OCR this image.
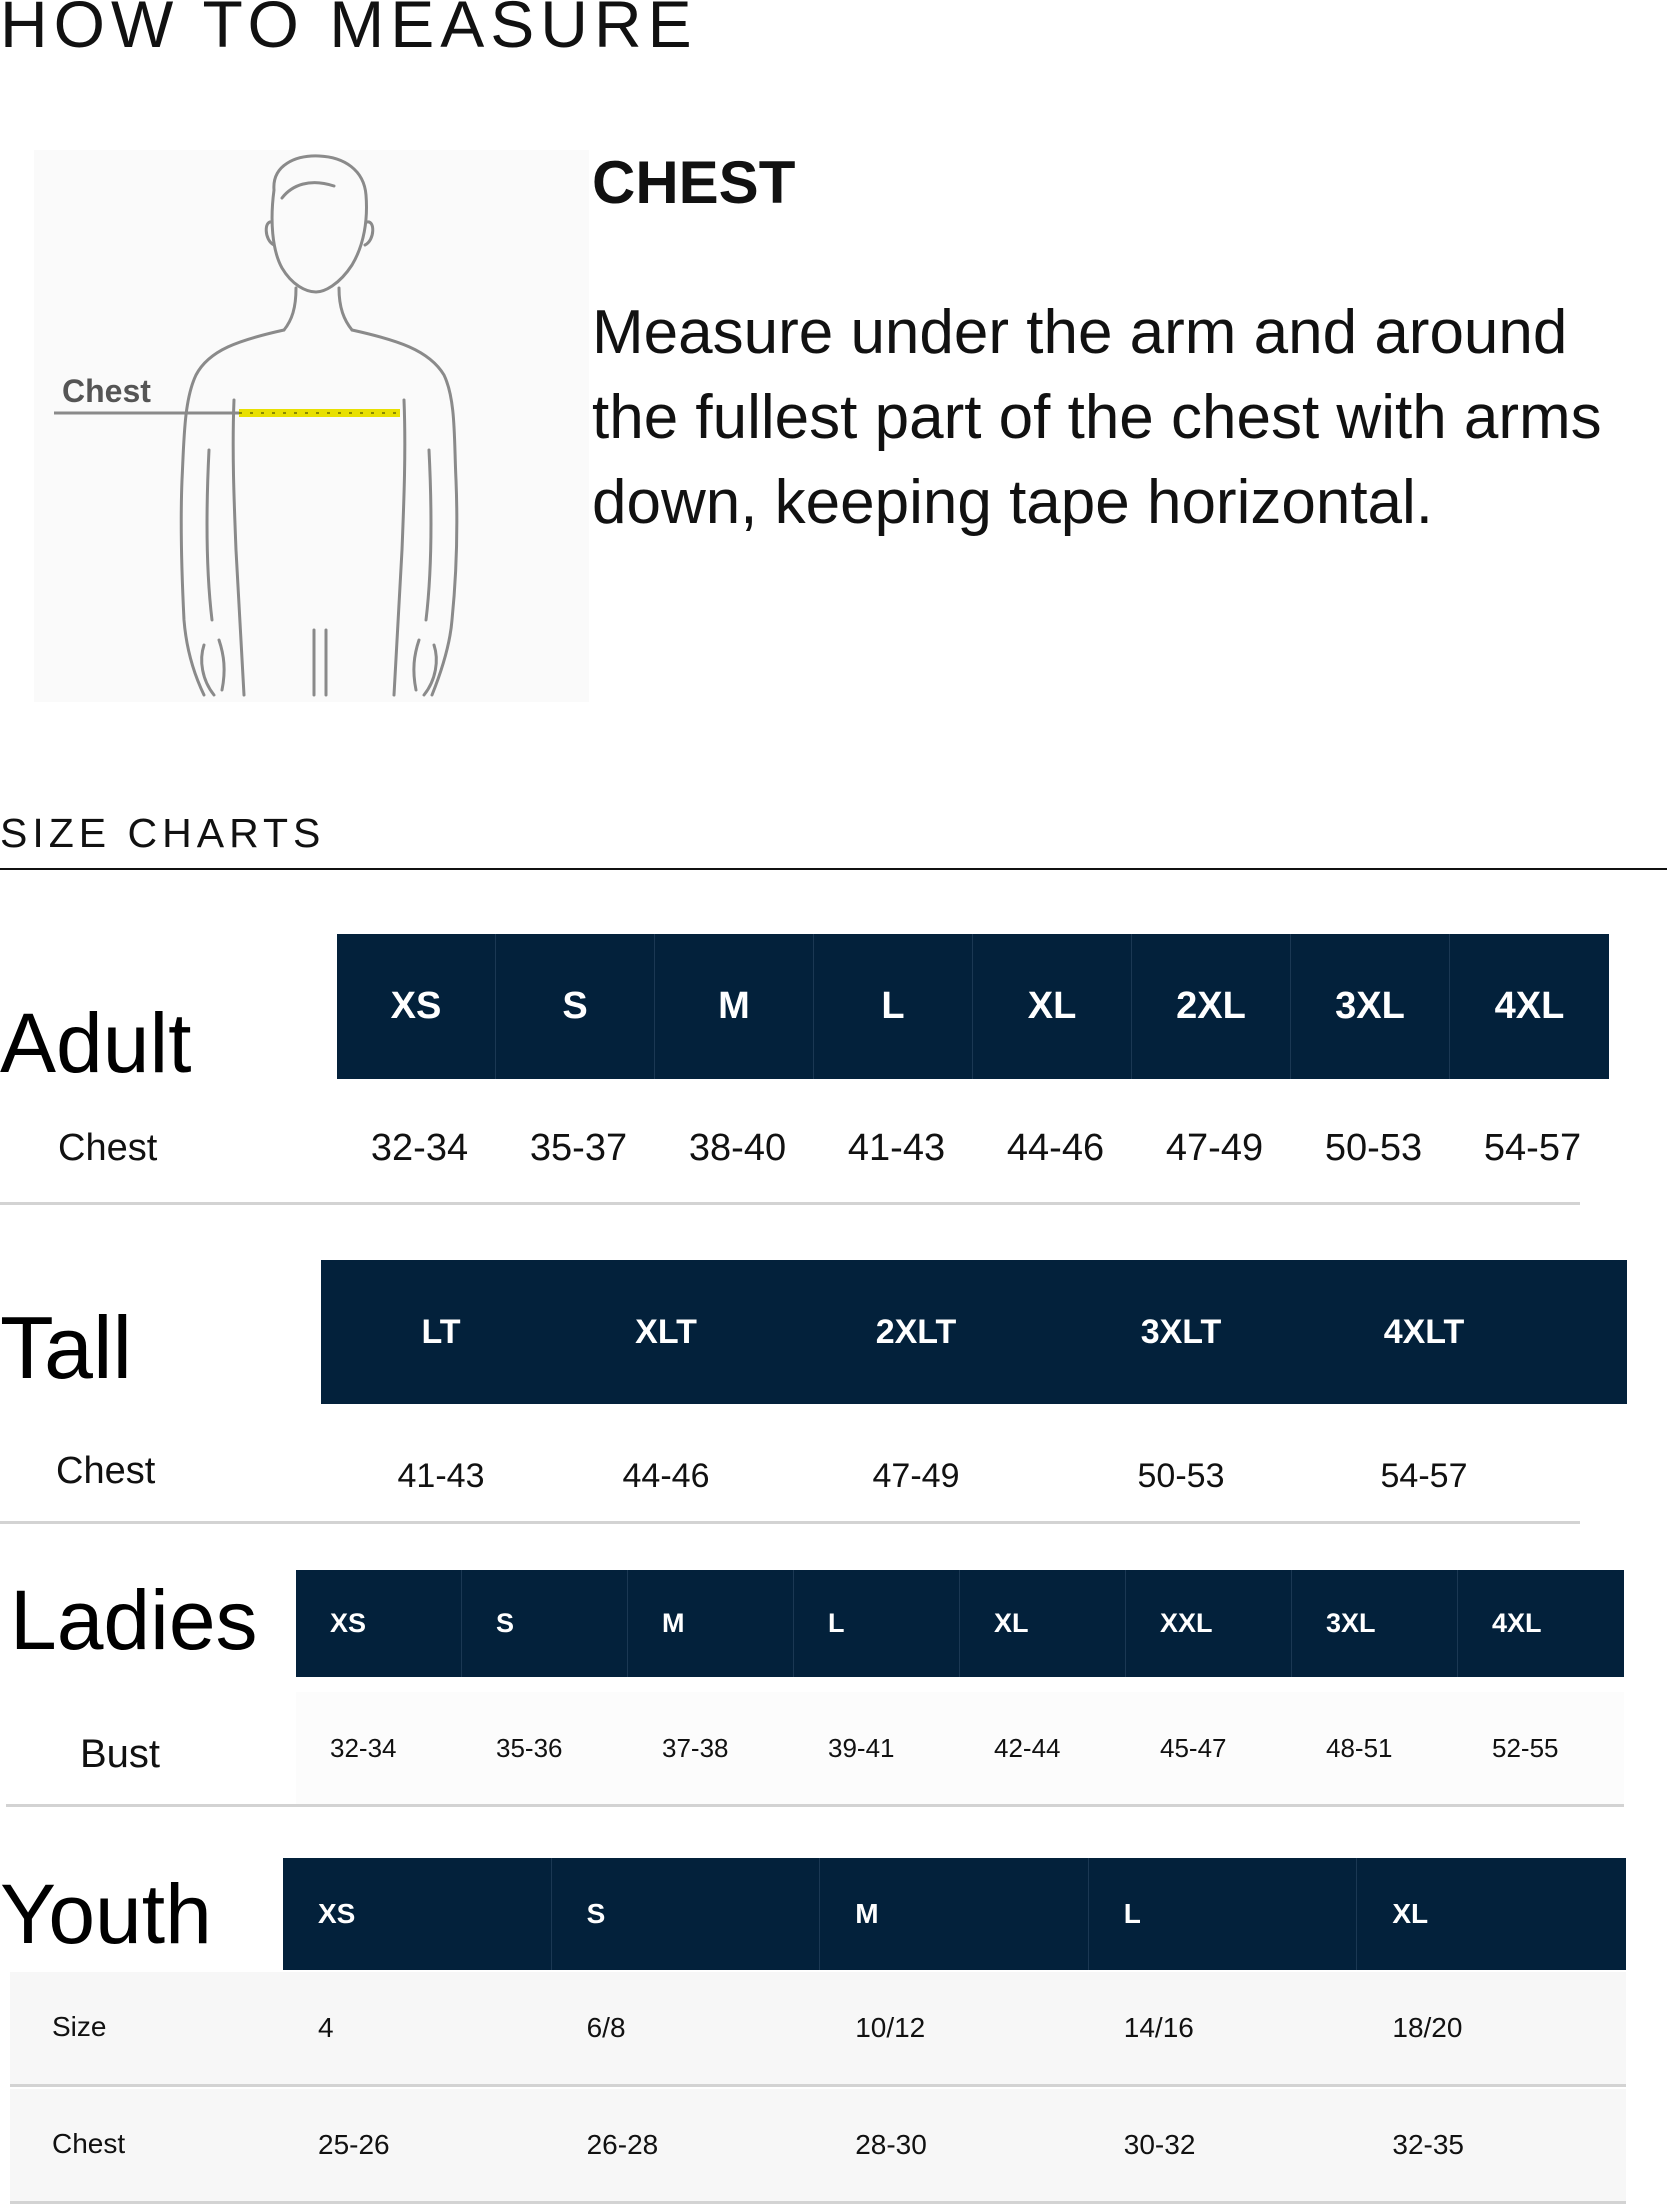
HOW TO MEASURE
Chest
CHEST
Measure under the arm and around the fullest part of the chest with arms down, keeping tape horizontal.
SIZE CHARTS
Adult	XS	S	M	L	XL	2XL	3XL	4XL
Chest	32-34	35-37	38-40	41-43	44-46	47-49	50-53	54-57
Tall	LT	XLT	2XLT	3XLT	4XLT
Chest	41-43	44-46	47-49	50-53	54-57
Ladies	XS	S	M	L	XL	XXL	3XL	4XL
Bust	32-34	35-36	37-38	39-41	42-44	45-47	48-51	52-55
Youth	XS	S	M	L	XL
Size	4	6/8	10/12	14/16	18/20
Chest	25-26	26-28	28-30	30-32	32-35
